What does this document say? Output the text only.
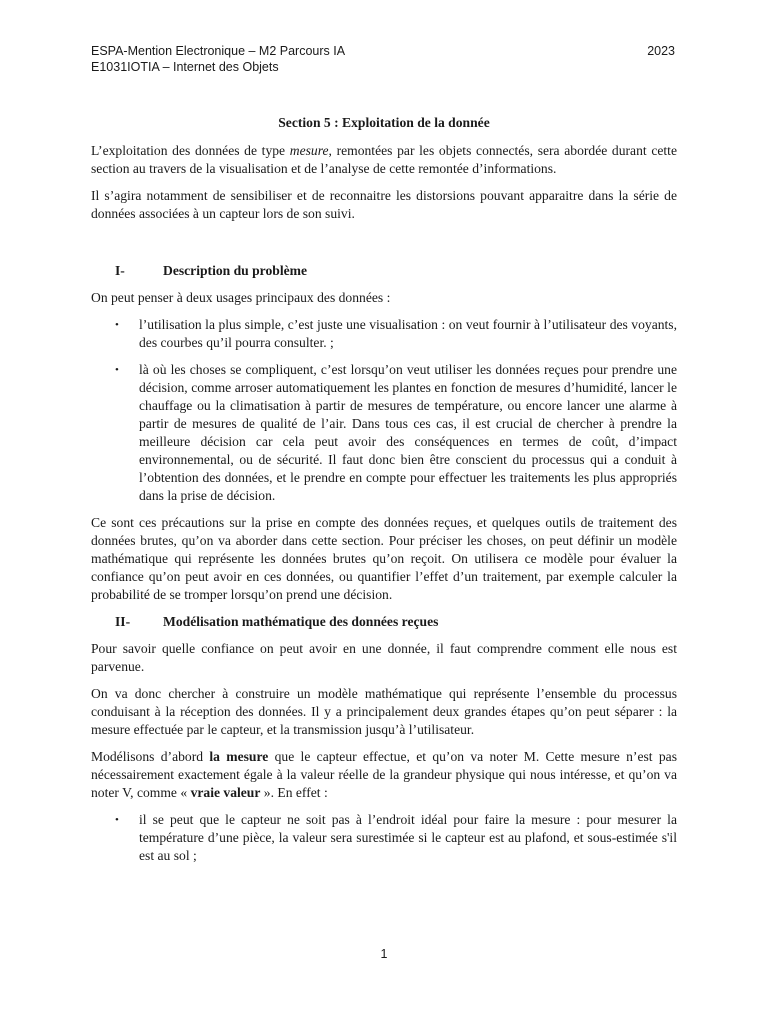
ESPA-Mention Electronique – M2 Parcours IA	2023
E1031IOTIA – Internet des Objets

Section 5 : Exploitation de la donnée

L’exploitation des données de type mesure, remontées par les objets connectés, sera abordée durant cette section au travers de la visualisation et de l’analyse de cette remontée d’informations.

Il s’agira notamment de sensibiliser et de reconnaitre les distorsions pouvant apparaitre dans la série de données associées à un capteur lors de son suivi.

I-	Description du problème

On peut penser à deux usages principaux des données :

• l’utilisation la plus simple, c’est juste une visualisation : on veut fournir à l’utilisateur des voyants, des courbes qu’il pourra consulter. ;
• là où les choses se compliquent, c’est lorsqu’on veut utiliser les données reçues pour prendre une décision, comme arroser automatiquement les plantes en fonction de mesures d’humidité, lancer le chauffage ou la climatisation à partir de mesures de température, ou encore lancer une alarme à partir de mesures de qualité de l’air. Dans tous ces cas, il est crucial de chercher à prendre la meilleure décision car cela peut avoir des conséquences en termes de coût, d’impact environnemental, ou de sécurité. Il faut donc bien être conscient du processus qui a conduit à l’obtention des données, et le prendre en compte pour effectuer les traitements les plus appropriés dans la prise de décision.

Ce sont ces précautions sur la prise en compte des données reçues, et quelques outils de traitement des données brutes, qu’on va aborder dans cette section. Pour préciser les choses, on peut définir un modèle mathématique qui représente les données brutes qu’on reçoit. On utilisera ce modèle pour évaluer la confiance qu’on peut avoir en ces données, ou quantifier l’effet d’un traitement, par exemple calculer la probabilité de se tromper lorsqu’on prend une décision.

II-	Modélisation mathématique des données reçues

Pour savoir quelle confiance on peut avoir en une donnée, il faut comprendre comment elle nous est parvenue.

On va donc chercher à construire un modèle mathématique qui représente l’ensemble du processus conduisant à la réception des données. Il y a principalement deux grandes étapes qu’on peut séparer : la mesure effectuée par le capteur, et la transmission jusqu’à l’utilisateur.

Modélisons d’abord la mesure que le capteur effectue, et qu’on va noter M. Cette mesure n’est pas nécessairement exactement égale à la valeur réelle de la grandeur physique qui nous intéresse, et qu’on va noter V, comme « vraie valeur ». En effet :

• il se peut que le capteur ne soit pas à l’endroit idéal pour faire la mesure : pour mesurer la température d’une pièce, la valeur sera surestimée si le capteur est au plafond, et sous-estimée s'il est au sol ;
1
